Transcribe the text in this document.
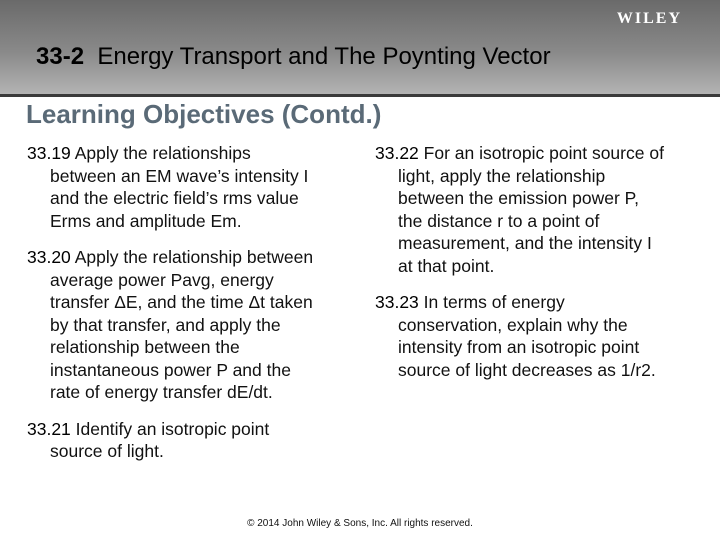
WILEY
33-2 Energy Transport and The Poynting Vector
Learning Objectives (Contd.)
33.19 Apply the relationships
between an EM wave’s intensity I
and the electric field’s rms value
Erms and amplitude Em.
33.20 Apply the relationship between
average power Pavg, energy
transfer ΔE, and the time Δt taken
by that transfer, and apply the
relationship between the
instantaneous power P and the
rate of energy transfer dE/dt.
33.21 Identify an isotropic point
source of light.
33.22 For an isotropic point source of
light, apply the relationship
between the emission power P,
the distance r to a point of
measurement, and the intensity I
at that point.
33.23 In terms of energy
conservation, explain why the
intensity from an isotropic point
source of light decreases as 1/r2.
© 2014 John Wiley & Sons, Inc. All rights reserved.
